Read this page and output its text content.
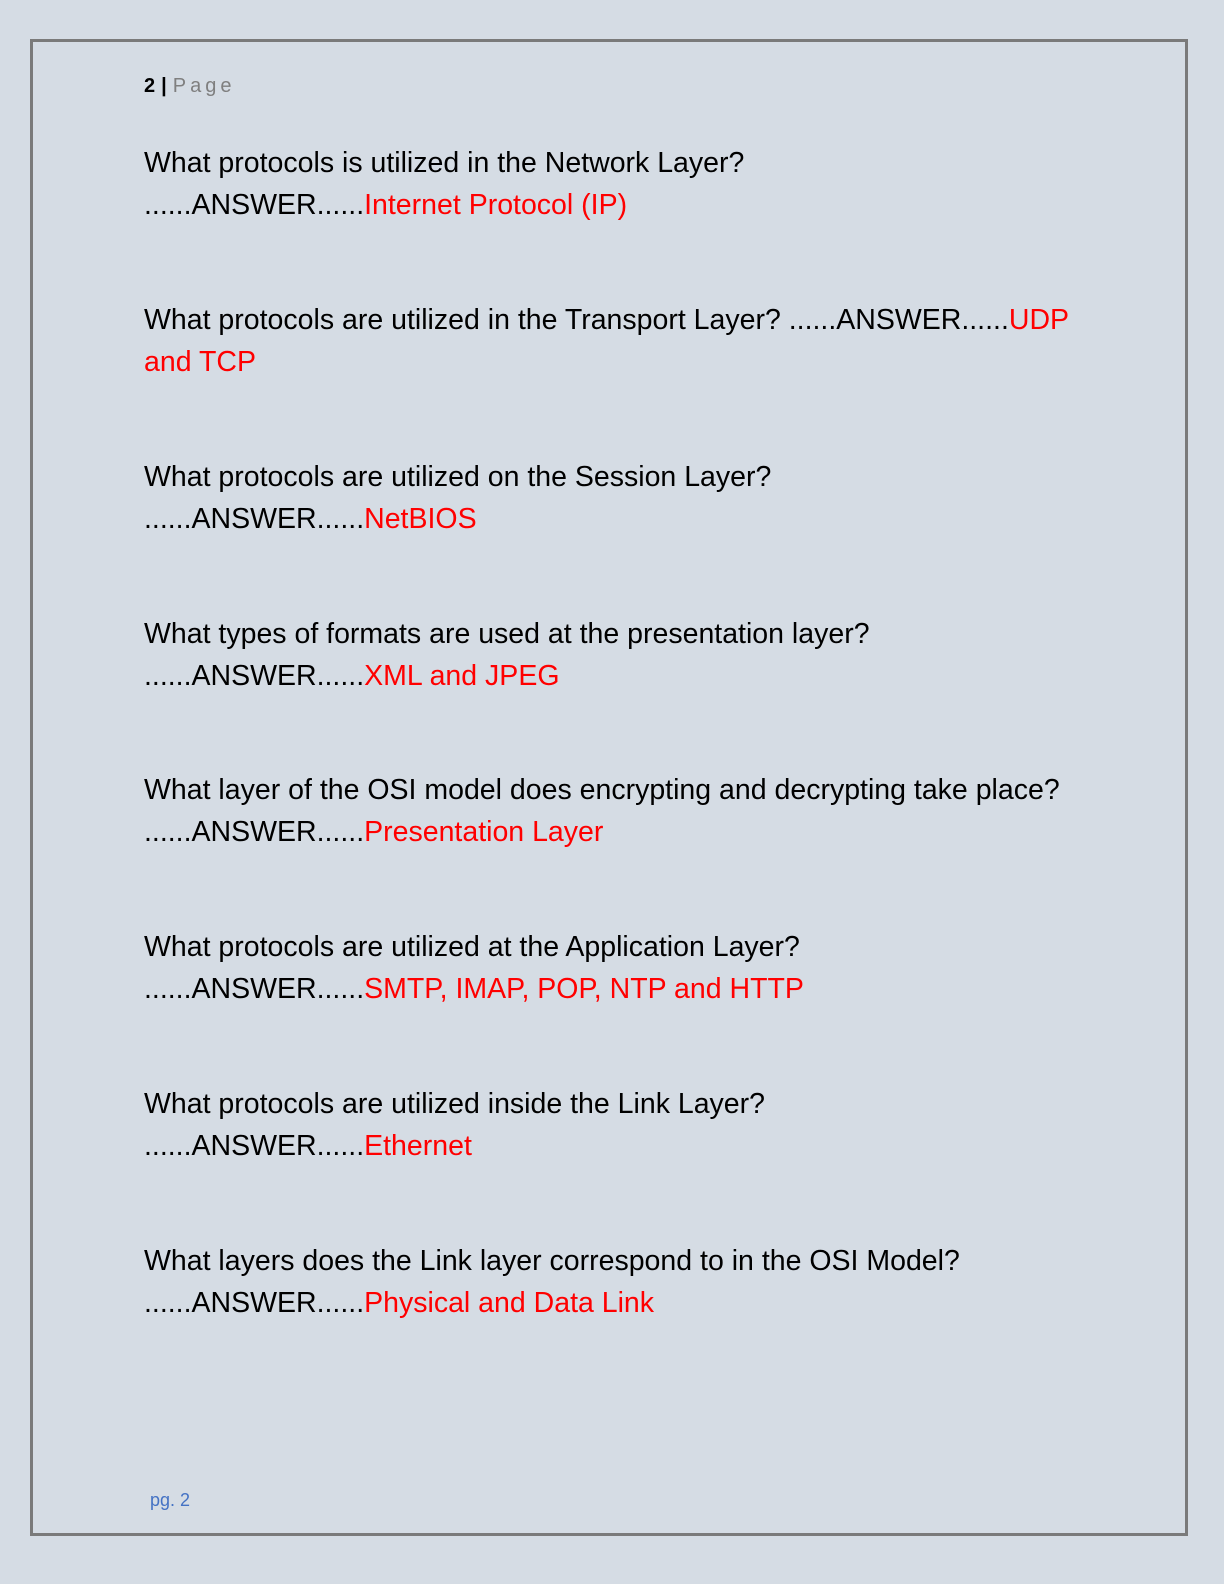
2 | Page
What protocols is utilized in the Network Layer?
......ANSWER......Internet Protocol (IP)
What protocols are utilized in the Transport Layer? ......ANSWER......UDP and TCP
What protocols are utilized on the Session Layer?
......ANSWER......NetBIOS
What types of formats are used at the presentation layer?
......ANSWER......XML and JPEG
What layer of the OSI model does encrypting and decrypting take place? ......ANSWER......Presentation Layer
What protocols are utilized at the Application Layer?
......ANSWER......SMTP, IMAP, POP, NTP and HTTP
What protocols are utilized inside the Link Layer?
......ANSWER......Ethernet
What layers does the Link layer correspond to in the OSI Model?
......ANSWER......Physical and Data Link
pg. 2
